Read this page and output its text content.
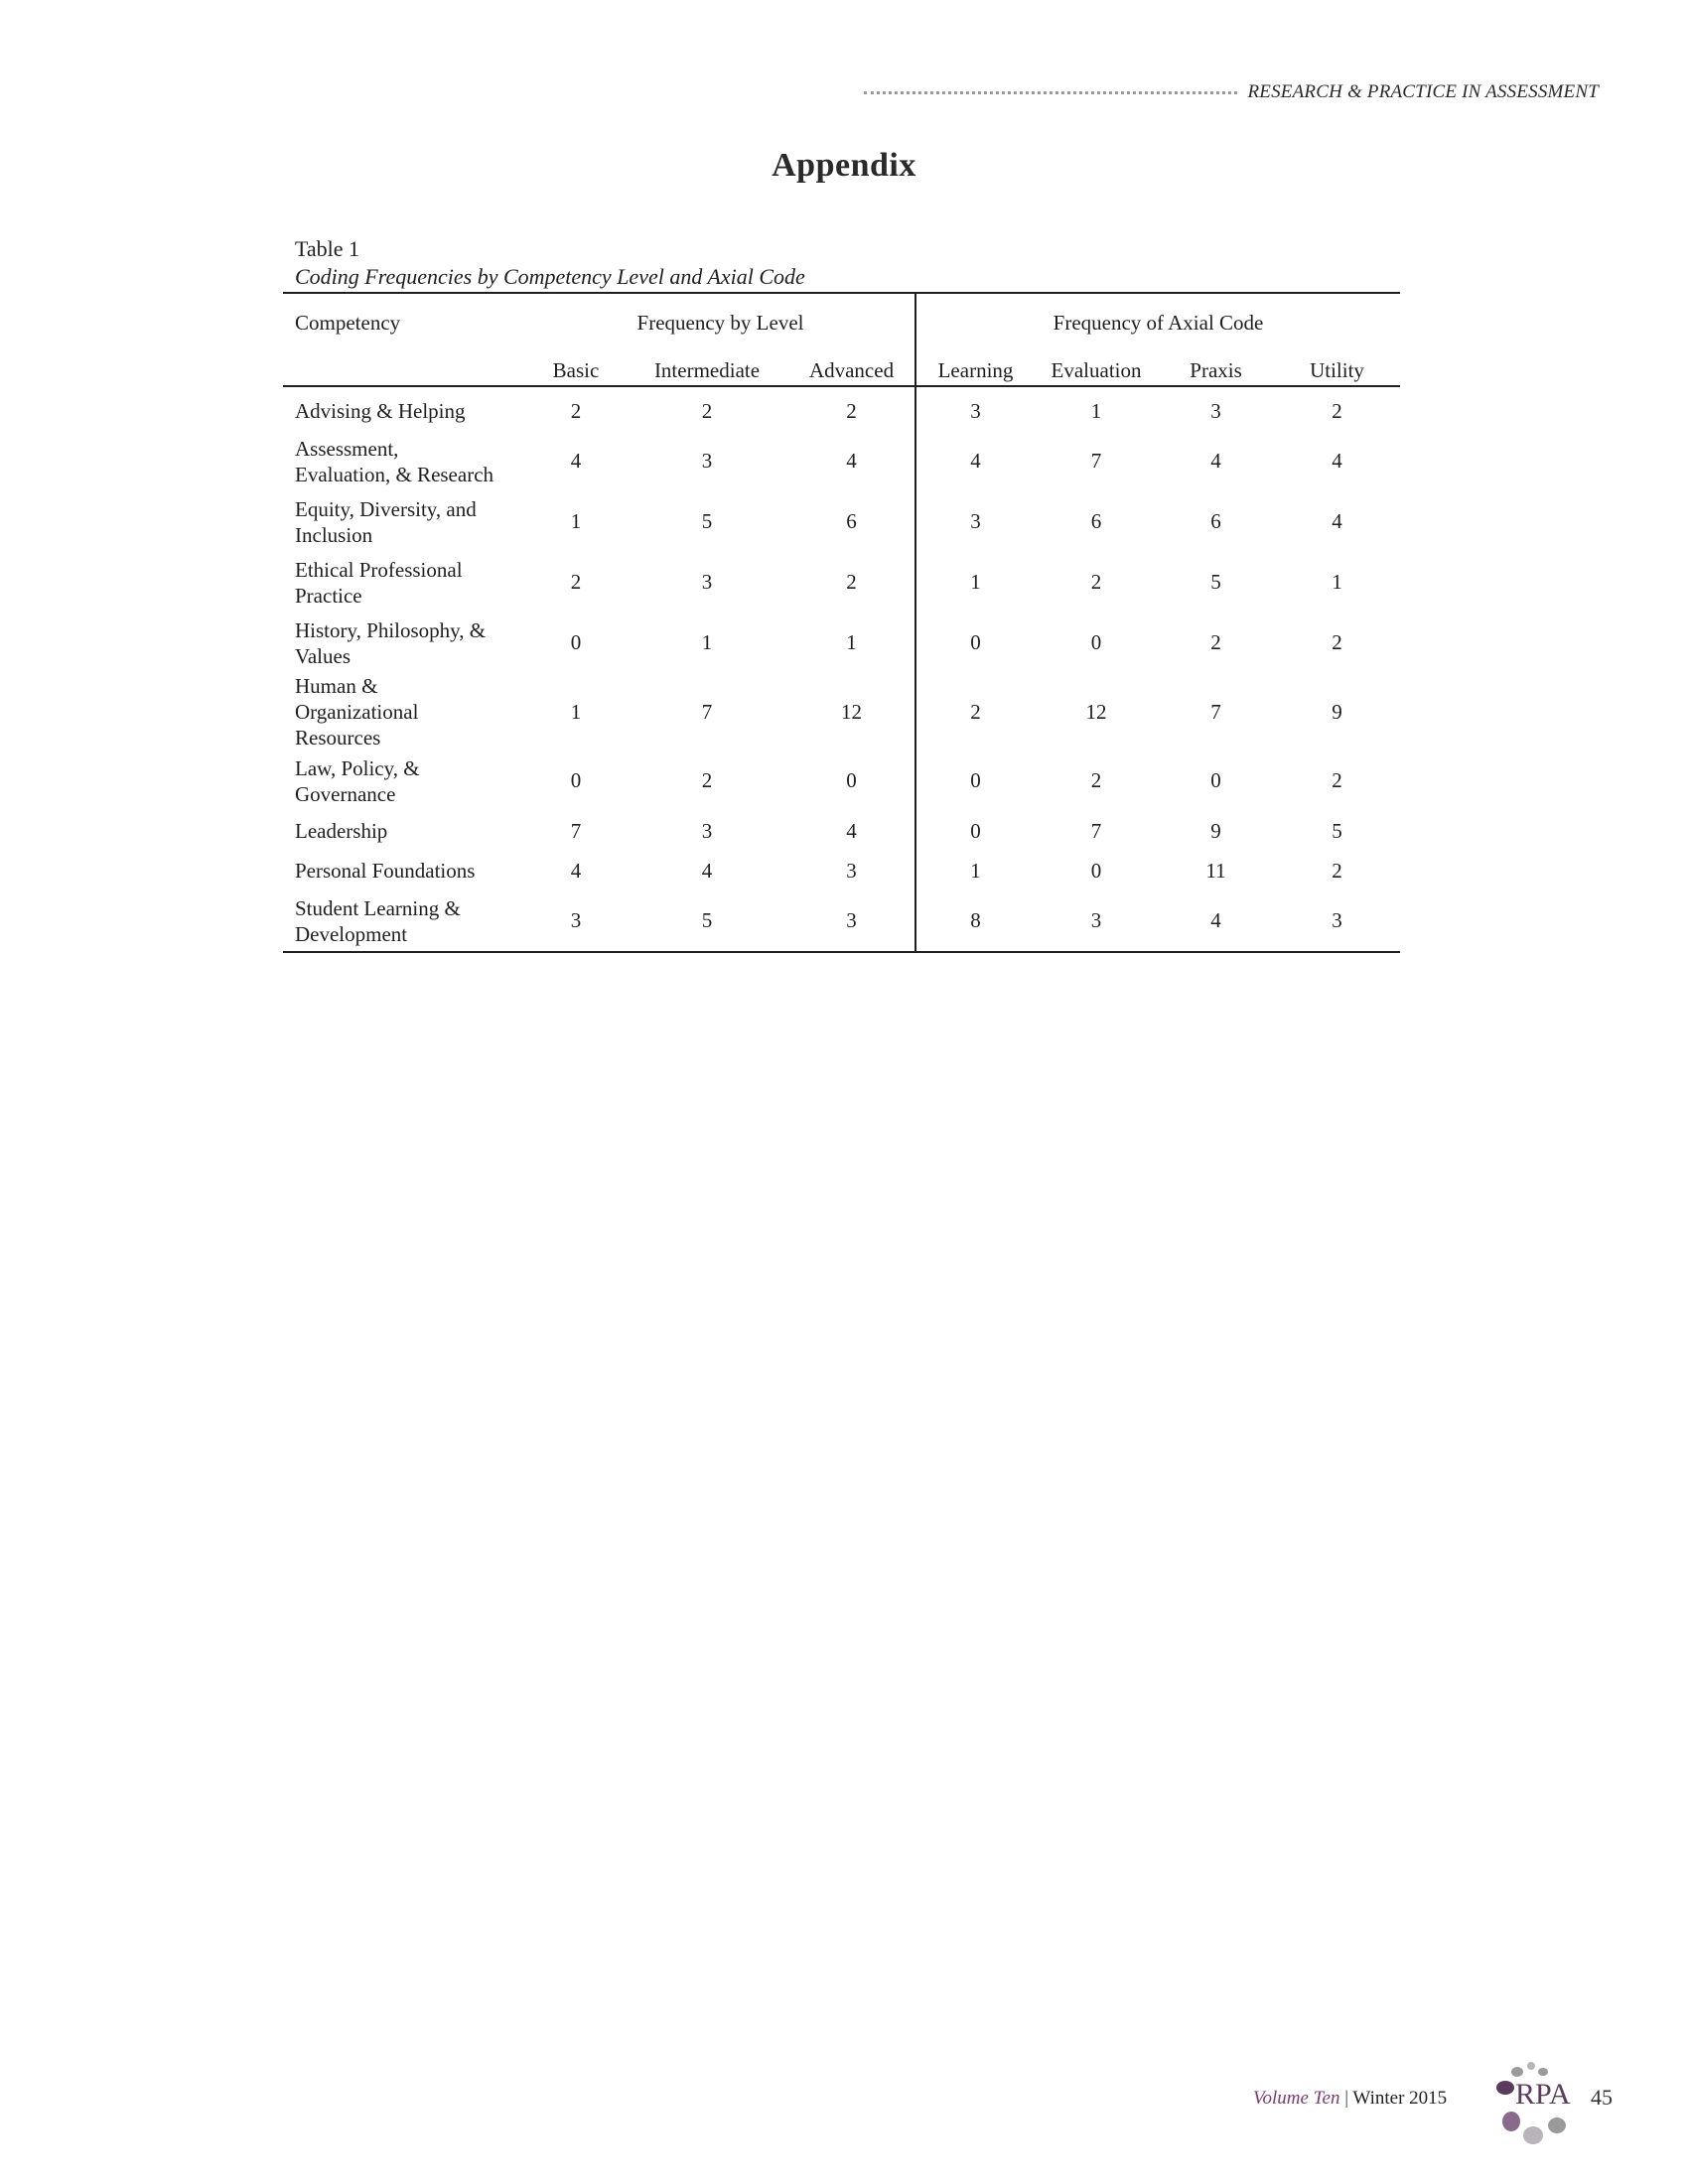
RESEARCH & PRACTICE IN ASSESSMENT
Appendix
Table 1
Coding Frequencies by Competency Level and Axial Code
Competency	Frequency by Level			Frequency of Axial Code			
	Basic	Intermediate	Advanced	Learning	Evaluation	Praxis	Utility

Advising & Helping	2	2	2	3	1	3	2

Assessment,
Evaluation, & Research	4	3	4	4	7	4	4

Equity, Diversity, and
Inclusion	1	5	6	3	6	6	4

Ethical Professional
Practice	2	3	2	1	2	5	1

History, Philosophy, &
Values	0	1	1	0	0	2	2

Human &
Organizational
Resources	1	7	12	2	12	7	9

Law, Policy, &
Governance	0	2	0	0	2	0	2

Leadership	7	3	4	0	7	9	5

Personal Foundations	4	4	3	1	0	11	2

Student Learning &
Development	3	5	3	8	3	4	3
Volume Ten | Winter 2015 RPA 45
